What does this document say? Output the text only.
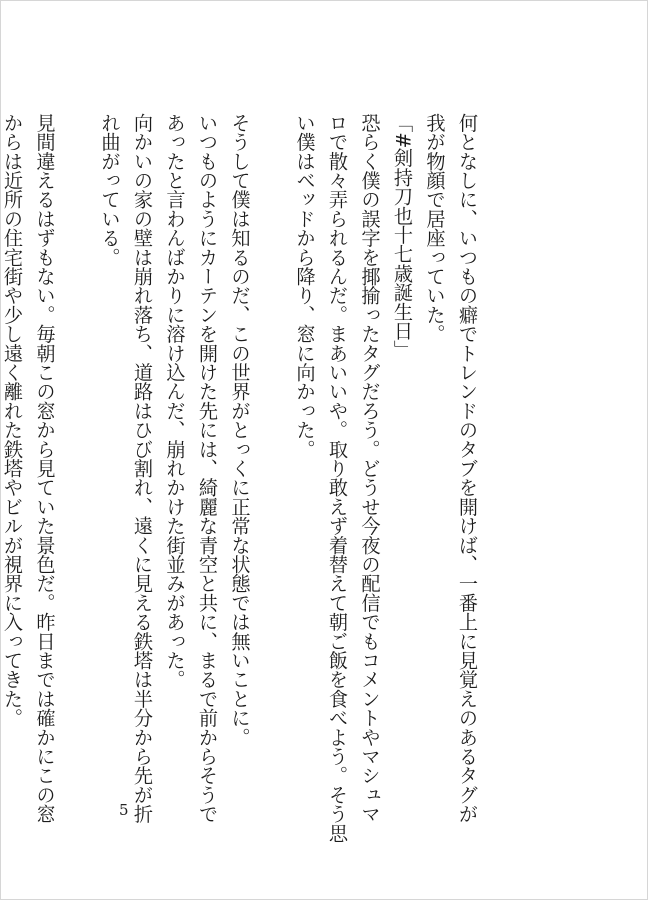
何となしに、いつもの癖でトレンドのタブを開けば、一番上に見覚えのあるタグが
我が物顔で居座っていた。
「#剣持刀也十七歳誕生日」
恐らく僕の誤字を揶揄ったタグだろう。どうせ今夜の配信でもコメントやマシュマ
ロで散々弄られるんだ。まあいいや。取り敢えず着替えて朝ご飯を食べよう。そう思
い僕はベッドから降り、窓に向かった。
そうして僕は知るのだ、この世界がとっくに正常な状態では無いことに。
いつものようにカーテンを開けた先には、綺麗な青空と共に、まるで前からそうで
あったと言わんばかりに溶け込んだ、崩れかけた街並みがあった。
向かいの家の壁は崩れ落ち、道路はひび割れ、遠くに見える鉄塔は半分から先が折
れ曲がっている。
見間違えるはずもない。毎朝この窓から見ていた景色だ。昨日までは確かにこの窓
からは近所の住宅街や少し遠く離れた鉄塔やビルが視界に入ってきた。
5
